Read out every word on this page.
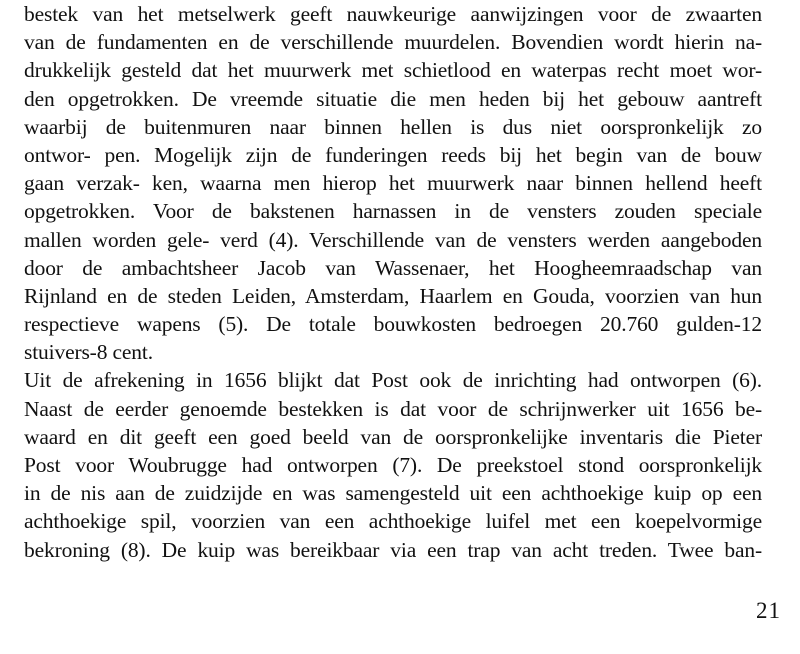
bestek van het metselwerk geeft nauwkeurige aanwijzingen voor de zwaarten
van de fundamenten en de verschillende muurdelen. Bovendien wordt hierin na-
drukkelijk gesteld dat het muurwerk met schietlood en waterpas recht moet wor-
den opgetrokken. De vreemde situatie die men heden bij het gebouw aantreft
waarbij de buitenmuren naar binnen hellen is dus niet oorspronkelijk zo
ontwor- pen. Mogelijk zijn de funderingen reeds bij het begin van de bouw
gaan verzak- ken, waarna men hierop het muurwerk naar binnen hellend heeft
opgetrokken. Voor de bakstenen harnassen in de vensters zouden speciale
mallen worden gele- verd (4). Verschillende van de vensters werden aangeboden
door de ambachtsheer Jacob van Wassenaer, het Hoogheemraadschap van
Rijnland en de steden Leiden, Amsterdam, Haarlem en Gouda, voorzien van hun
respectieve wapens (5). De totale bouwkosten bedroegen 20.760 gulden-12
stuivers-8 cent.
Uit de afrekening in 1656 blijkt dat Post ook de inrichting had ontworpen (6).
Naast de eerder genoemde bestekken is dat voor de schrijnwerker uit 1656 be-
waard en dit geeft een goed beeld van de oorspronkelijke inventaris die Pieter
Post voor Woubrugge had ontworpen (7). De preekstoel stond oorspronkelijk
in de nis aan de zuidzijde en was samengesteld uit een achthoekige kuip op een
achthoekige spil, voorzien van een achthoekige luifel met een koepelvormige
bekroning (8). De kuip was bereikbaar via een trap van acht treden. Twee ban-
21
